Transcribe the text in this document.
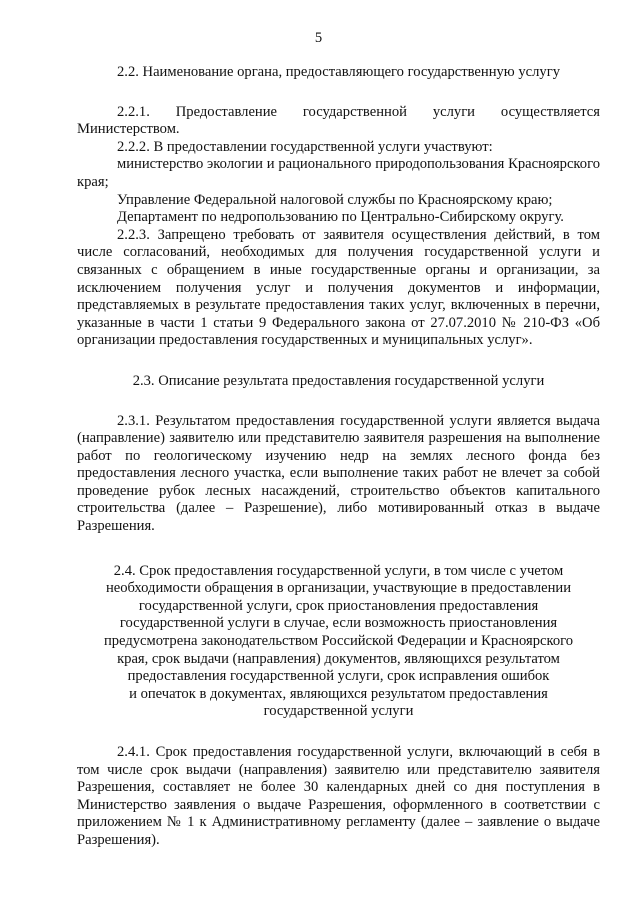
5
2.2. Наименование органа, предоставляющего государственную услугу
2.2.1. Предоставление государственной услуги осуществляется Министерством.
2.2.2. В предоставлении государственной услуги участвуют:
министерство экологии и рационального природопользования Красноярского края;
Управление Федеральной налоговой службы по Красноярскому краю;
Департамент по недропользованию по Центрально-Сибирскому округу.
2.2.3. Запрещено требовать от заявителя осуществления действий, в том числе согласований, необходимых для получения государственной услуги и связанных с обращением в иные государственные органы и организации, за исключением получения услуг и получения документов и информации, представляемых в результате предоставления таких услуг, включенных в перечни, указанные в части 1 статьи 9 Федерального закона от 27.07.2010 № 210-ФЗ «Об организации предоставления государственных и муниципальных услуг».
2.3. Описание результата предоставления государственной услуги
2.3.1. Результатом предоставления государственной услуги является выдача (направление) заявителю или представителю заявителя разрешения на выполнение работ по геологическому изучению недр на землях лесного фонда без предоставления лесного участка, если выполнение таких работ не влечет за собой проведение рубок лесных насаждений, строительство объектов капитального строительства (далее – Разрешение), либо мотивированный отказ в выдаче Разрешения.
2.4. Срок предоставления государственной услуги, в том числе с учетом
необходимости обращения в организации, участвующие в предоставлении
государственной услуги, срок приостановления предоставления
государственной услуги в случае, если возможность приостановления
предусмотрена законодательством Российской Федерации и Красноярского
края, срок выдачи (направления) документов, являющихся результатом
предоставления государственной услуги, срок исправления ошибок
и опечаток в документах, являющихся результатом предоставления
государственной услуги
2.4.1. Срок предоставления государственной услуги, включающий в себя в том числе срок выдачи (направления) заявителю или представителю заявителя Разрешения, составляет не более 30 календарных дней со дня поступления в Министерство заявления о выдаче Разрешения, оформленного в соответствии с приложением № 1 к Административному регламенту (далее – заявление о выдаче Разрешения).
